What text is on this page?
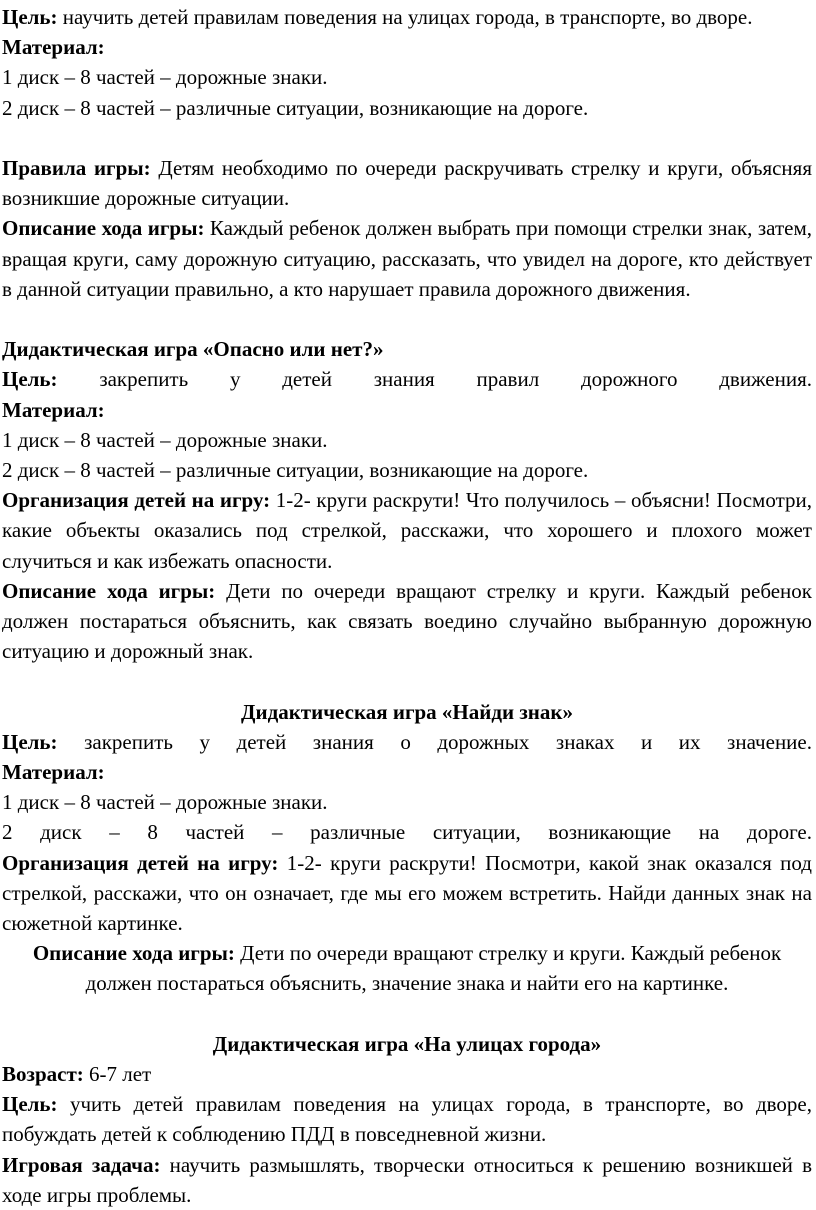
Цель: научить детей правилам поведения на улицах города, в транспорте, во дворе.

Материал:

1 диск – 8 частей – дорожные знаки.

2 диск – 8 частей – различные ситуации, возникающие на дороге.

Правила игры: Детям необходимо по очереди раскручивать стрелку и круги, объясняя возникшие дорожные ситуации.

Описание хода игры: Каждый ребенок должен выбрать при помощи стрелки знак, затем, вращая круги, саму дорожную ситуацию, рассказать, что увидел на дороге, кто действует в данной ситуации правильно, а кто нарушает правила дорожного движения.

Дидактическая игра «Опасно или нет?»

Цель: закрепить у детей знания правил дорожного движения.

Материал:

1 диск – 8 частей – дорожные знаки.

2 диск – 8 частей – различные ситуации, возникающие на дороге.

Организация детей на игру: 1-2- круги раскрути! Что получилось – объясни! Посмотри, какие объекты оказались под стрелкой, расскажи, что хорошего и плохого может случиться и как избежать опасности.

Описание хода игры: Дети по очереди вращают стрелку и круги. Каждый ребенок должен постараться объяснить, как связать воедино случайно выбранную дорожную ситуацию и дорожный знак.

Дидактическая игра «Найди знак»

Цель: закрепить у детей знания о дорожных знаках и их значение.

Материал:

1 диск – 8 частей – дорожные знаки.

2 диск – 8 частей – различные ситуации, возникающие на дороге.

Организация детей на игру: 1-2- круги раскрути! Посмотри, какой знак оказался под стрелкой, расскажи, что он означает, где мы его можем встретить. Найди данных знак на сюжетной картинке.

Описание хода игры: Дети по очереди вращают стрелку и круги. Каждый ребенок должен постараться объяснить, значение знака и найти его на картинке.

Дидактическая игра «На улицах города»

Возраст: 6-7 лет

Цель: учить детей правилам поведения на улицах города, в транспорте, во дворе, побуждать детей к соблюдению ПДД в повседневной жизни.

Игровая задача: научить размышлять, творчески относиться к решению возникшей в ходе игры проблемы.
